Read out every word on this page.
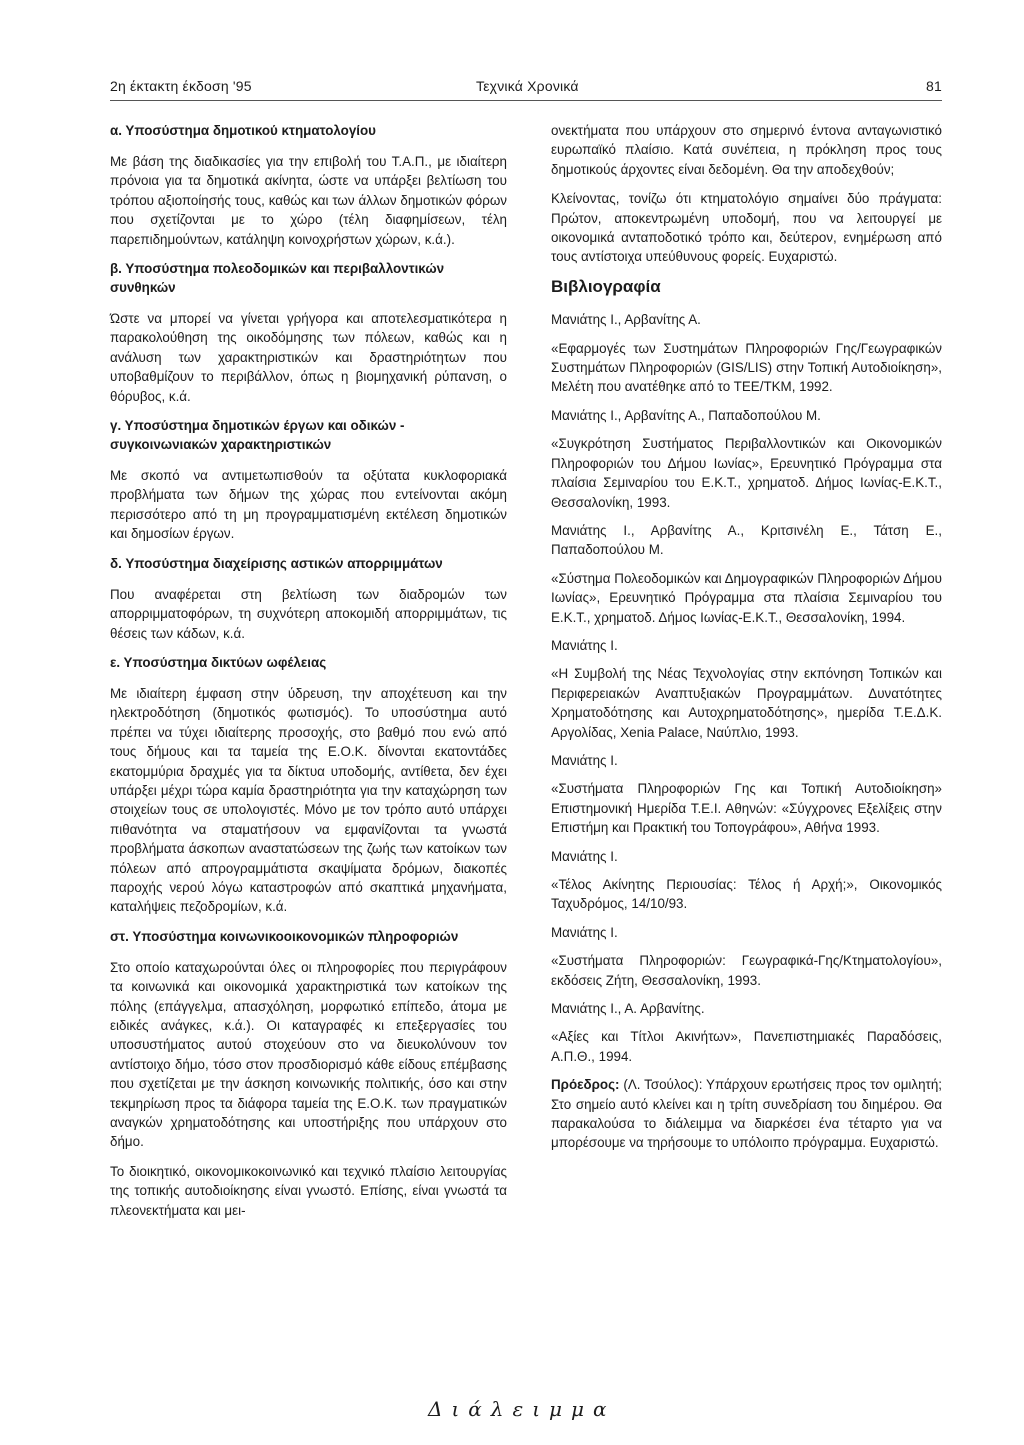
2η έκτακτη έκδοση '95	Τεχνικά Χρονικά	81
α. Υποσύστημα δημοτικού κτηματολογίου

Με βάση της διαδικασίες για την επιβολή του Τ.Α.Π., με ιδιαίτερη πρόνοια για τα δημοτικά ακίνητα, ώστε να υπάρξει βελτίωση του τρόπου αξιοποίησής τους, καθώς και των άλλων δημοτικών φόρων που σχετίζονται με το χώρο (τέλη διαφημίσεων, τέλη παρεπιδημούντων, κατάληψη κοινοχρήστων χώρων, κ.ά.).

β. Υποσύστημα πολεοδομικών και περιβαλλοντικών συνθηκών

Ώστε να μπορεί να γίνεται γρήγορα και αποτελεσματικότερα η παρακολούθηση της οικοδόμησης των πόλεων, καθώς και η ανάλυση των χαρακτηριστικών και δραστηριότητων που υποβαθμίζουν το περιβάλλον, όπως η βιομηχανική ρύπανση, ο θόρυβος, κ.ά.

γ. Υποσύστημα δημοτικών έργων και οδικών - συγκοινωνιακών χαρακτηριστικών

Με σκοπό να αντιμετωπισθούν τα οξύτατα κυκλοφοριακά προβλήματα των δήμων της χώρας που εντείνονται ακόμη περισσότερο από τη μη προγραμματισμένη εκτέλεση δημοτικών και δημοσίων έργων.

δ. Υποσύστημα διαχείρισης αστικών απορριμμάτων

Που αναφέρεται στη βελτίωση των διαδρομών των απορριμματοφόρων, τη συχνότερη αποκομιδή απορριμμάτων, τις θέσεις των κάδων, κ.ά.

ε. Υποσύστημα δικτύων ωφέλειας

Με ιδιαίτερη έμφαση στην ύδρευση, την αποχέτευση και την ηλεκτροδότηση (δημοτικός φωτισμός). Το υποσύστημα αυτό πρέπει να τύχει ιδιαίτερης προσοχής, στο βαθμό που ενώ από τους δήμους και τα ταμεία της Ε.Ο.Κ. δίνονται εκατοντάδες εκατομμύρια δραχμές για τα δίκτυα υποδομής, αντίθετα, δεν έχει υπάρξει μέχρι τώρα καμία δραστηριότητα για την καταχώρηση των στοιχείων τους σε υπολογιστές. Μόνο με τον τρόπο αυτό υπάρχει πιθανότητα να σταματήσουν να εμφανίζονται τα γνωστά προβλήματα άσκοπων αναστατώσεων της ζωής των κατοίκων των πόλεων από απρογραμμάτιστα σκαψίματα δρόμων, διακοπές παροχής νερού λόγω καταστροφών από σκαπτικά μηχανήματα, καταλήψεις πεζοδρομίων, κ.ά.

στ. Υποσύστημα κοινωνικοοικονομικών πληροφοριών

Στο οποίο καταχωρούνται όλες οι πληροφορίες που περιγράφουν τα κοινωνικά και οικονομικά χαρακτηριστικά των κατοίκων της πόλης (επάγγελμα, απασχόληση, μορφωτικό επίπεδο, άτομα με ειδικές ανάγκες, κ.ά.). Οι καταγραφές κι επεξεργασίες του υποσυστήματος αυτού στοχεύουν στο να διευκολύνουν τον αντίστοιχο δήμο, τόσο στον προσδιορισμό κάθε είδους επέμβασης που σχετίζεται με την άσκηση κοινωνικής πολιτικής, όσο και στην τεκμηρίωση προς τα διάφορα ταμεία της Ε.Ο.Κ. των πραγματικών αναγκών χρηματοδότησης και υποστήριξης που υπάρχουν στο δήμο.

Το διοικητικό, οικονομικοκοινωνικό και τεχνικό πλαίσιο λειτουργίας της τοπικής αυτοδιοίκησης είναι γνωστό. Επίσης, είναι γνωστά τα πλεονεκτήματα και μει-

ονεκτήματα που υπάρχουν στο σημερινό έντονα ανταγωνιστικό ευρωπαϊκό πλαίσιο. Κατά συνέπεια, η πρόκληση προς τους δημοτικούς άρχοντες είναι δεδομένη. Θα την αποδεχθούν;

Κλείνοντας, τονίζω ότι κτηματολόγιο σημαίνει δύο πράγματα: Πρώτον, αποκεντρωμένη υποδομή, που να λειτουργεί με οικονομικά ανταποδοτικό τρόπο και, δεύτερον, ενημέρωση από τους αντίστοιχα υπεύθυνους φορείς. Ευχαριστώ.

Βιβλιογραφία

Μανιάτης Ι., Αρβανίτης Α.

«Εφαρμογές των Συστημάτων Πληροφοριών Γης/Γεωγραφικών Συστημάτων Πληροφοριών (GIS/LIS) στην Τοπική Αυτοδιοίκηση», Μελέτη που ανατέθηκε από το ΤΕΕ/ΤΚΜ, 1992.

Μανιάτης Ι., Αρβανίτης Α., Παπαδοπούλου Μ.

«Συγκρότηση Συστήματος Περιβαλλοντικών και Οικονομικών Πληροφοριών του Δήμου Ιωνίας», Ερευνητικό Πρόγραμμα στα πλαίσια Σεμιναρίου του Ε.Κ.Τ., χρηματοδ. Δήμος Ιωνίας-Ε.Κ.Τ., Θεσσαλονίκη, 1993.

Μανιάτης Ι., Αρβανίτης Α., Κριτσινέλη Ε., Τάτση Ε., Παπαδοπούλου Μ.

«Σύστημα Πολεοδομικών και Δημογραφικών Πληροφοριών Δήμου Ιωνίας», Ερευνητικό Πρόγραμμα στα πλαίσια Σεμιναρίου του Ε.Κ.Τ., χρηματοδ. Δήμος Ιωνίας-Ε.Κ.Τ., Θεσσαλονίκη, 1994.

Μανιάτης Ι.

«Η Συμβολή της Νέας Τεχνολογίας στην εκπόνηση Τοπικών και Περιφερειακών Αναπτυξιακών Προγραμμάτων. Δυνατότητες Χρηματοδότησης και Αυτοχρηματοδότησης», ημερίδα Τ.Ε.Δ.Κ. Αργολίδας, Xenia Palace, Ναύπλιο, 1993.

Μανιάτης Ι.

«Συστήματα Πληροφοριών Γης και Τοπική Αυτοδιοίκηση» Επιστημονική Ημερίδα Τ.Ε.Ι. Αθηνών: «Σύγχρονες Εξελίξεις στην Επιστήμη και Πρακτική του Τοπογράφου», Αθήνα 1993.

Μανιάτης Ι.

«Τέλος Ακίνητης Περιουσίας: Τέλος ή Αρχή;», Οικονομικός Ταχυδρόμος, 14/10/93.

Μανιάτης Ι.

«Συστήματα Πληροφοριών: Γεωγραφικά-Γης/Κτηματολογίου», εκδόσεις Ζήτη, Θεσσαλονίκη, 1993.

Μανιάτης Ι., Α. Αρβανίτης.

«Αξίες και Τίτλοι Ακινήτων», Πανεπιστημιακές Παραδόσεις, Α.Π.Θ., 1994.

Πρόεδρος: (Λ. Τσούλος): Υπάρχουν ερωτήσεις προς τον ομιλητή; Στο σημείο αυτό κλείνει και η τρίτη συνεδρίαση του διημέρου. Θα παρακαλούσα το διάλειμμα να διαρκέσει ένα τέταρτο για να μπορέσουμε να τηρήσουμε το υπόλοιπο πρόγραμμα. Ευχαριστώ.

Διάλειμμα
